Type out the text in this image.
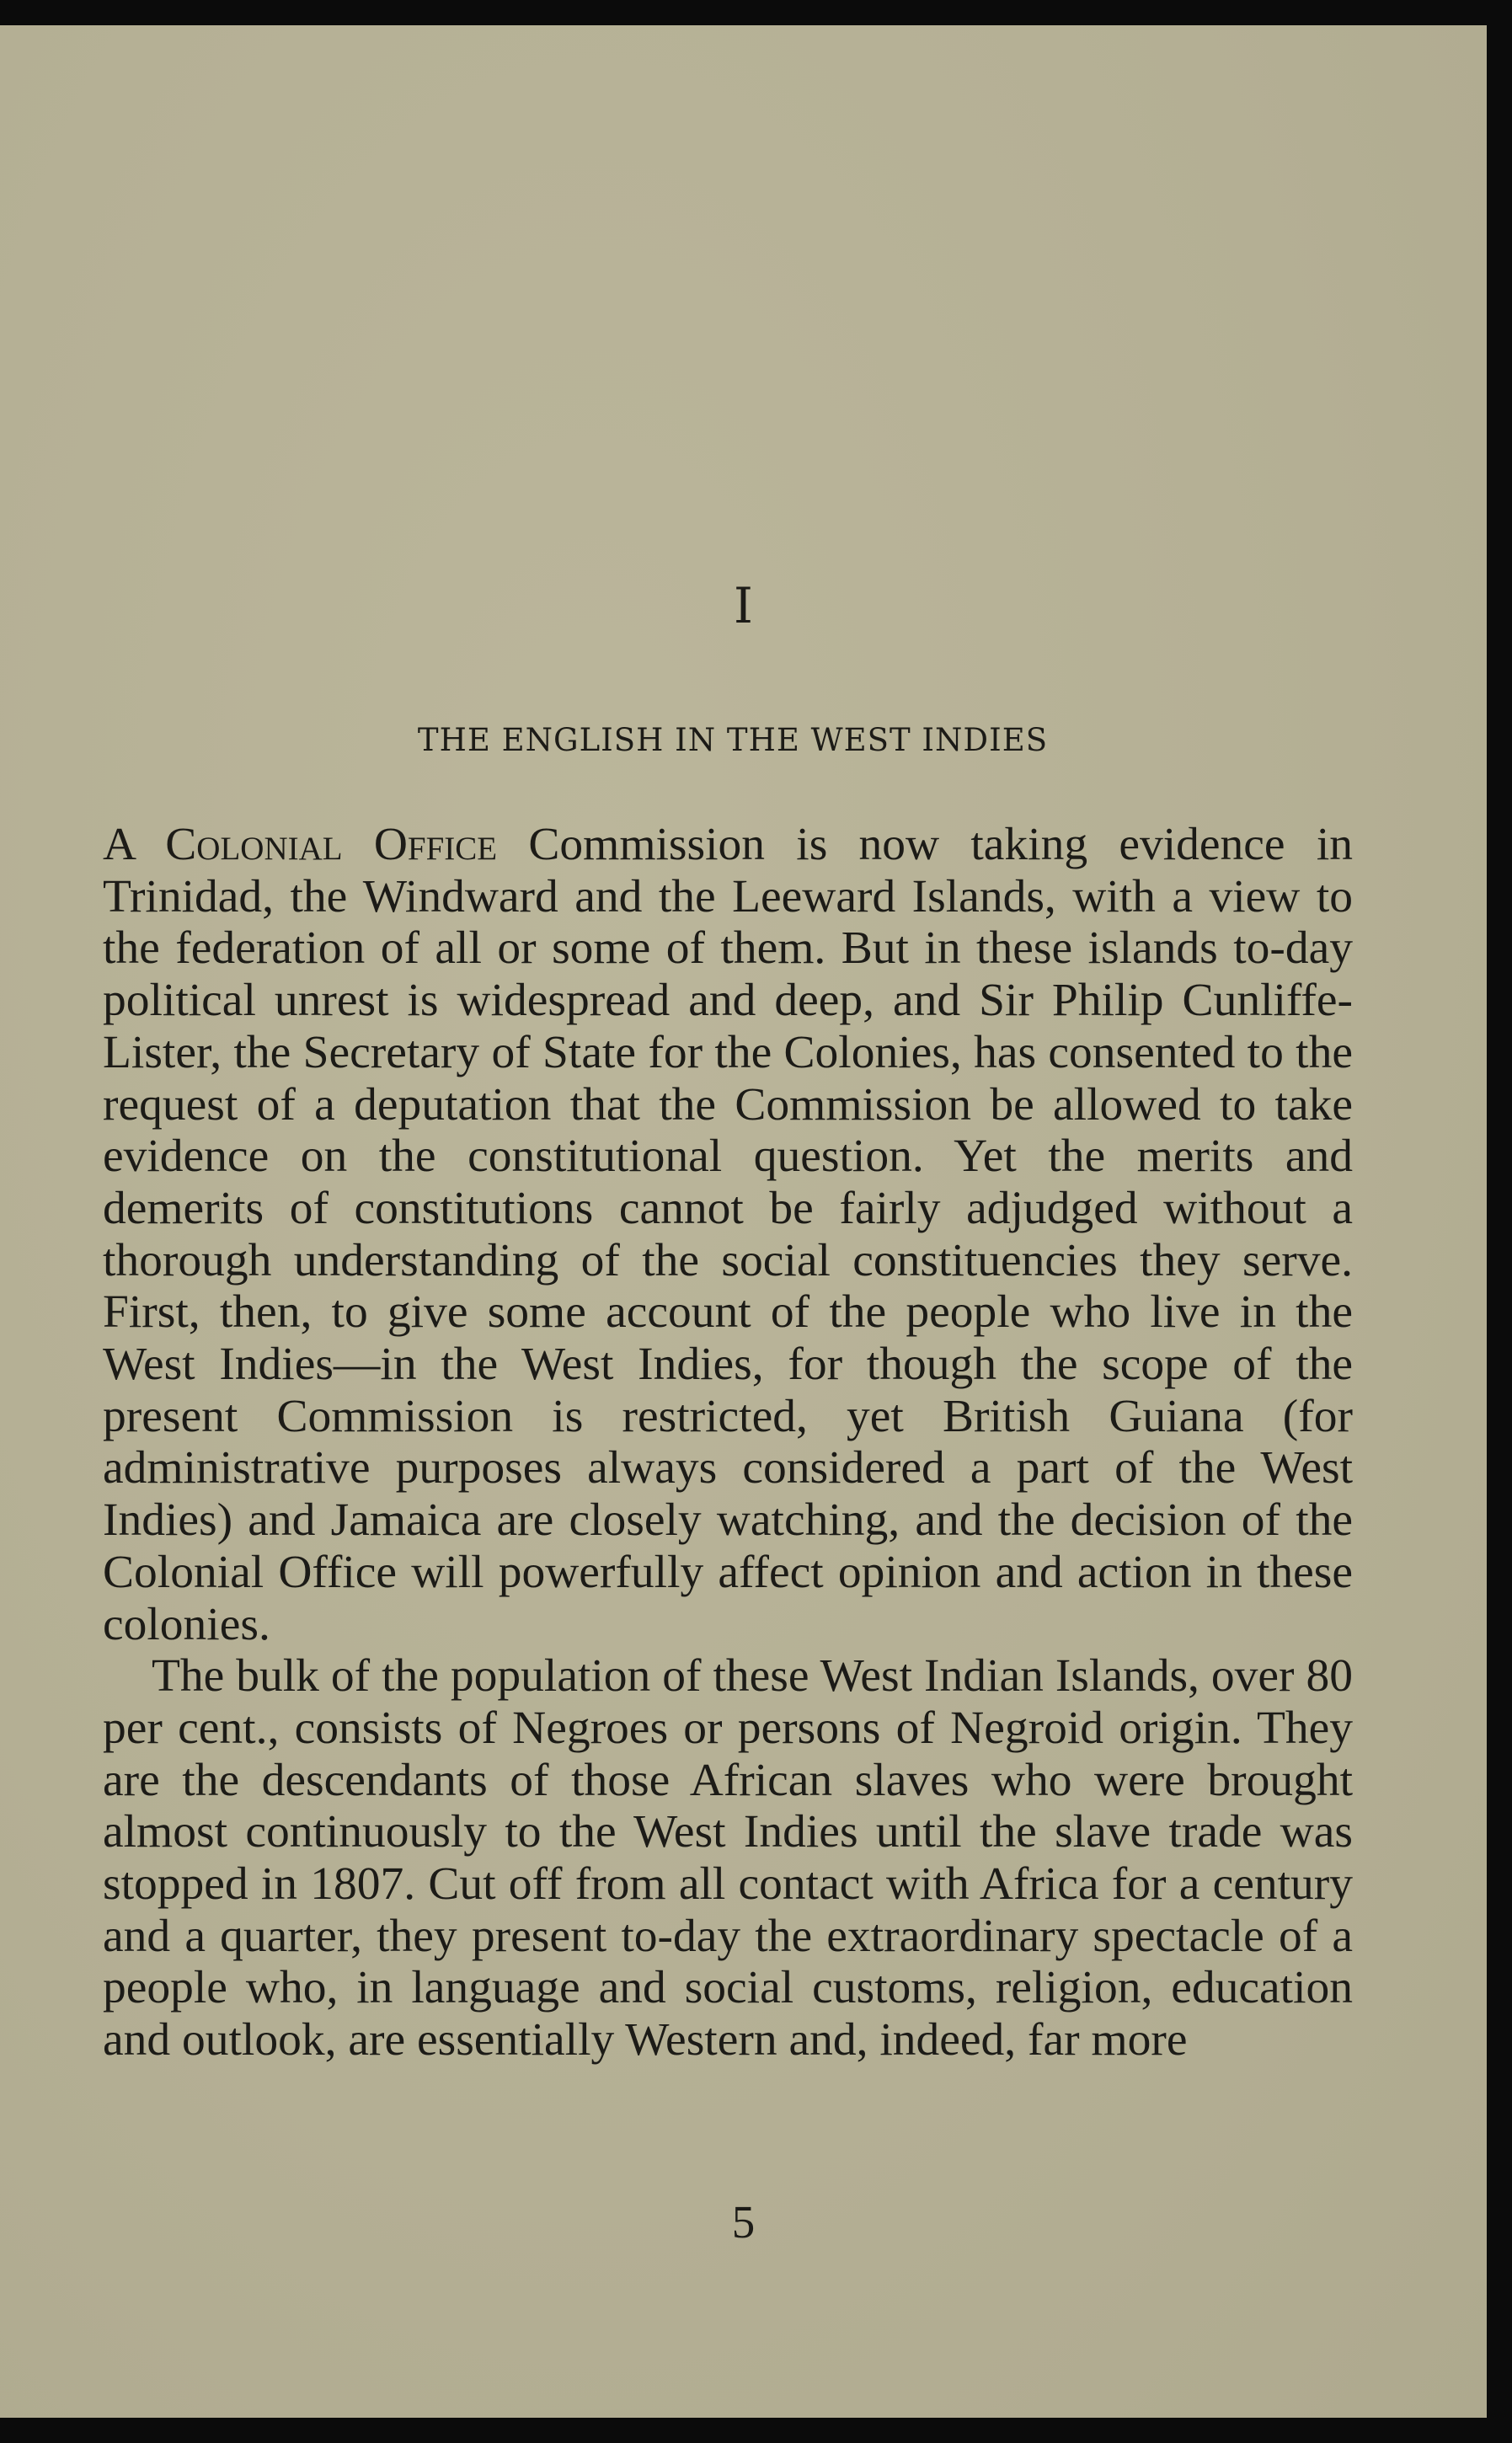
I
THE ENGLISH IN THE WEST INDIES

A Colonial Office Commission is now taking evidence in Trinidad, the Windward and the Leeward Islands, with a view to the federation of all or some of them. But in these islands to-day political unrest is widespread and deep, and Sir Philip Cunliffe-Lister, the Secretary of State for the Colonies, has consented to the request of a deputation that the Commission be allowed to take evidence on the constitutional question. Yet the merits and demerits of constitutions cannot be fairly adjudged without a thorough understanding of the social constituencies they serve. First, then, to give some account of the people who live in the West Indies—in the West Indies, for though the scope of the present Commission is restricted, yet British Guiana (for administrative purposes always considered a part of the West Indies) and Jamaica are closely watching, and the decision of the Colonial Office will powerfully affect opinion and action in these colonies.

The bulk of the population of these West Indian Islands, over 80 per cent., consists of Negroes or persons of Negroid origin. They are the descendants of those African slaves who were brought almost continuously to the West Indies until the slave trade was stopped in 1807. Cut off from all contact with Africa for a century and a quarter, they present to-day the extraordinary spectacle of a people who, in language and social customs, religion, education and outlook, are essentially Western and, indeed, far more

5
